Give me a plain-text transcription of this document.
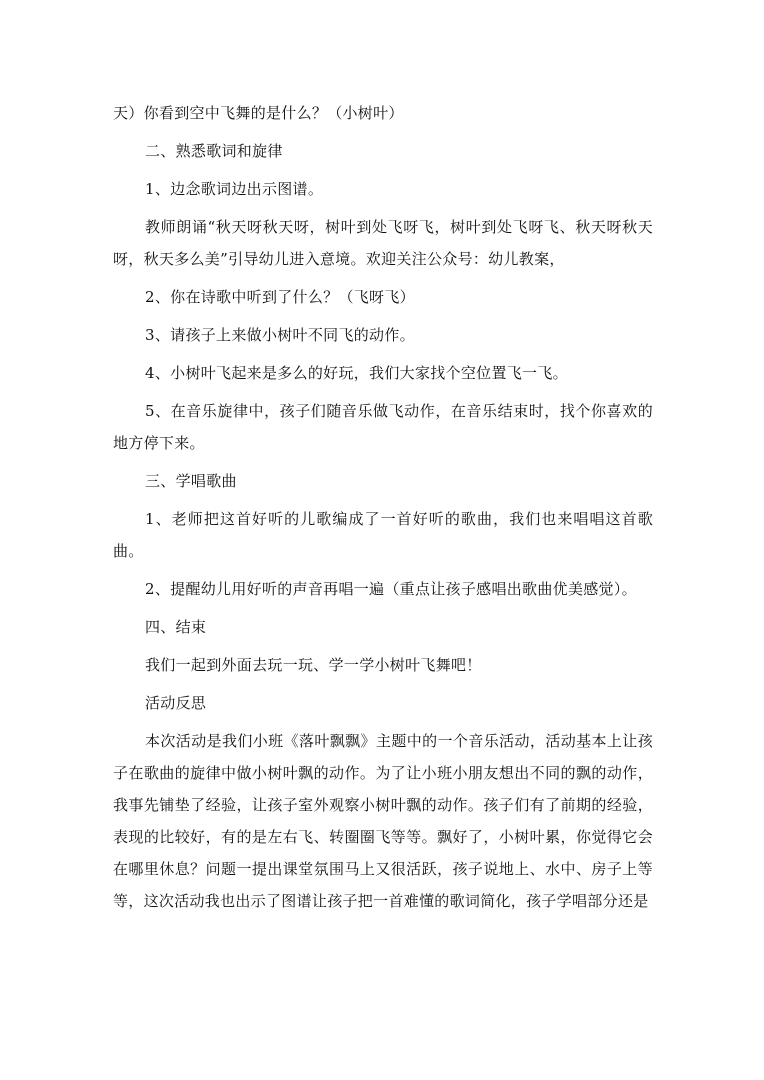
天）你看到空中飞舞的是什么？（小树叶）

二、熟悉歌词和旋律

1、边念歌词边出示图谱。

教师朗诵“秋天呀秋天呀，树叶到处飞呀飞，树叶到处飞呀飞、秋天呀秋天呀，秋天多么美”引导幼儿进入意境。欢迎关注公众号：幼儿教案，

2、你在诗歌中听到了什么？（飞呀飞）

3、请孩子上来做小树叶不同飞的动作。

4、小树叶飞起来是多么的好玩，我们大家找个空位置飞一飞。

5、在音乐旋律中，孩子们随音乐做飞动作，在音乐结束时，找个你喜欢的地方停下来。

三、学唱歌曲

1、老师把这首好听的儿歌编成了一首好听的歌曲，我们也来唱唱这首歌曲。

2、提醒幼儿用好听的声音再唱一遍（重点让孩子感唱出歌曲优美感觉）。

四、结束

我们一起到外面去玩一玩、学一学小树叶飞舞吧！

活动反思

本次活动是我们小班《落叶飘飘》主题中的一个音乐活动，活动基本上让孩子在歌曲的旋律中做小树叶飘的动作。为了让小班小朋友想出不同的飘的动作，我事先铺垫了经验，让孩子室外观察小树叶飘的动作。孩子们有了前期的经验，表现的比较好，有的是左右飞、转圈圈飞等等。飘好了，小树叶累，你觉得它会在哪里休息？问题一提出课堂氛围马上又很活跃，孩子说地上、水中、房子上等等，这次活动我也出示了图谱让孩子把一首难懂的歌词简化，孩子学唱部分还是
